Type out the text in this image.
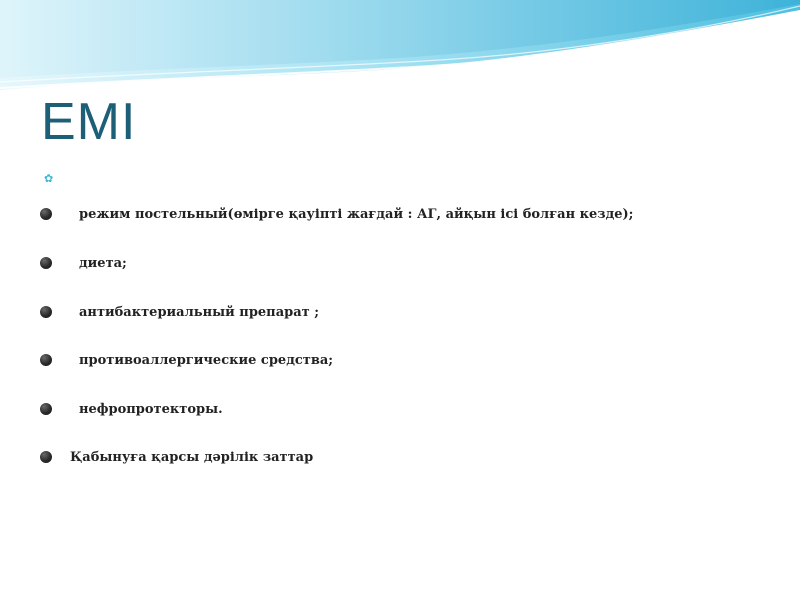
ЕМІ
✿
режим постельный(өмірге қауіпті жағдай : АГ, айқын ісі болған кезде);
диета;
антибактериальный препарат ;
противоаллергические средства;
нефропротекторы.
Қабынуға қарсы дәрілік заттар
